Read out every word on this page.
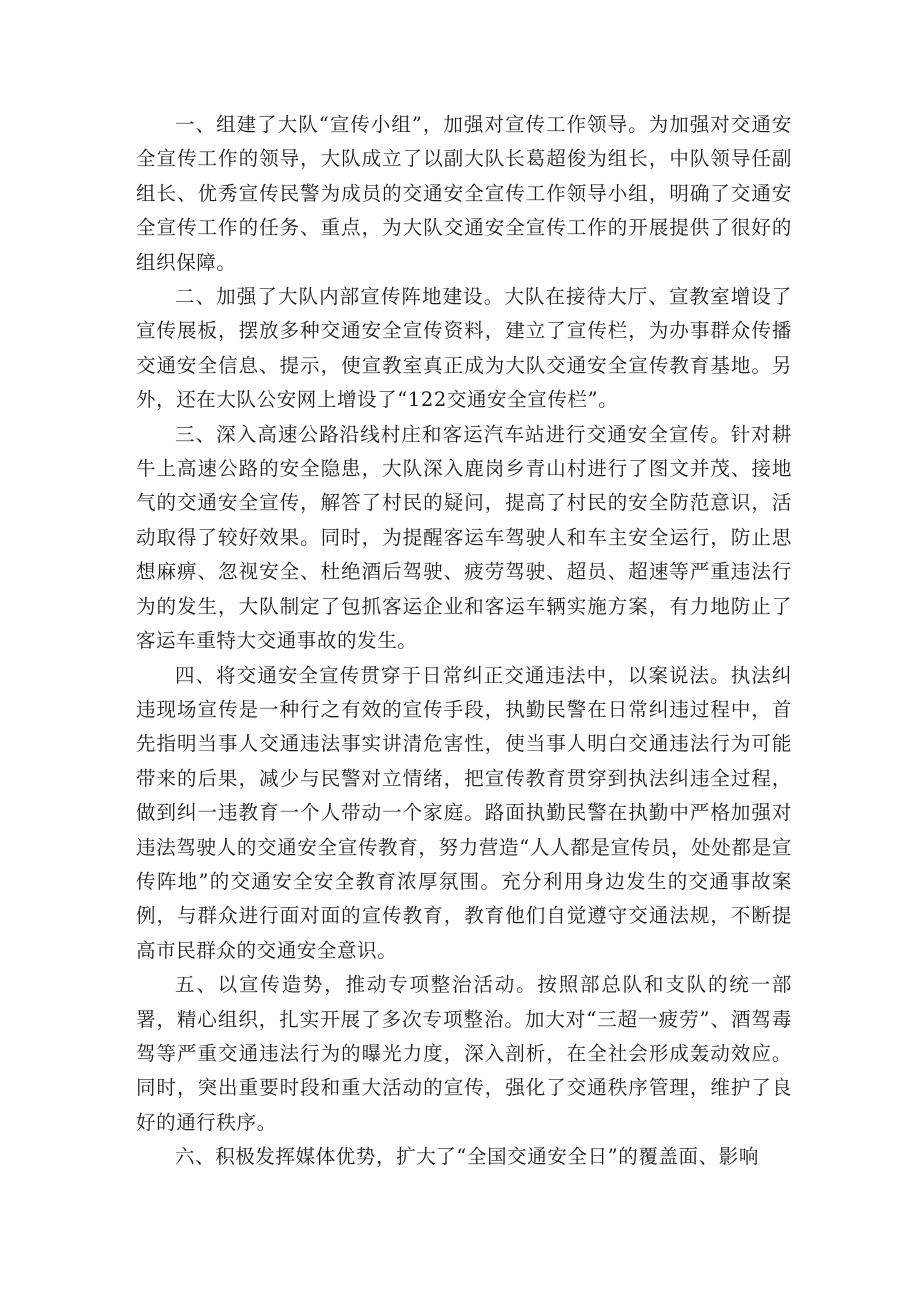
一、组建了大队“宣传小组”，加强对宣传工作领导。为加强对交通安全宣传工作的领导，大队成立了以副大队长葛超俊为组长，中队领导任副组长、优秀宣传民警为成员的交通安全宣传工作领导小组，明确了交通安全宣传工作的任务、重点，为大队交通安全宣传工作的开展提供了很好的组织保障。

二、加强了大队内部宣传阵地建设。大队在接待大厅、宣教室增设了宣传展板，摆放多种交通安全宣传资料，建立了宣传栏，为办事群众传播交通安全信息、提示，使宣教室真正成为大队交通安全宣传教育基地。另外，还在大队公安网上增设了“122交通安全宣传栏”。

三、深入高速公路沿线村庄和客运汽车站进行交通安全宣传。针对耕牛上高速公路的安全隐患，大队深入鹿岗乡青山村进行了图文并茂、接地气的交通安全宣传，解答了村民的疑问，提高了村民的安全防范意识，活动取得了较好效果。同时，为提醒客运车驾驶人和车主安全运行，防止思想麻痹、忽视安全、杜绝酒后驾驶、疲劳驾驶、超员、超速等严重违法行为的发生，大队制定了包抓客运企业和客运车辆实施方案，有力地防止了客运车重特大交通事故的发生。

四、将交通安全宣传贯穿于日常纠正交通违法中，以案说法。执法纠违现场宣传是一种行之有效的宣传手段，执勤民警在日常纠违过程中，首先指明当事人交通违法事实讲清危害性，使当事人明白交通违法行为可能带来的后果，减少与民警对立情绪，把宣传教育贯穿到执法纠违全过程，做到纠一违教育一个人带动一个家庭。路面执勤民警在执勤中严格加强对违法驾驶人的交通安全宣传教育，努力营造“人人都是宣传员，处处都是宣传阵地”的交通安全安全教育浓厚氛围。充分利用身边发生的交通事故案例，与群众进行面对面的宣传教育，教育他们自觉遵守交通法规，不断提高市民群众的交通安全意识。

五、以宣传造势，推动专项整治活动。按照部总队和支队的统一部署，精心组织，扎实开展了多次专项整治。加大对“三超一疲劳”、酒驾毒驾等严重交通违法行为的曝光力度，深入剖析，在全社会形成轰动效应。同时，突出重要时段和重大活动的宣传，强化了交通秩序管理，维护了良好的通行秩序。

六、积极发挥媒体优势，扩大了“全国交通安全日”的覆盖面、影响
